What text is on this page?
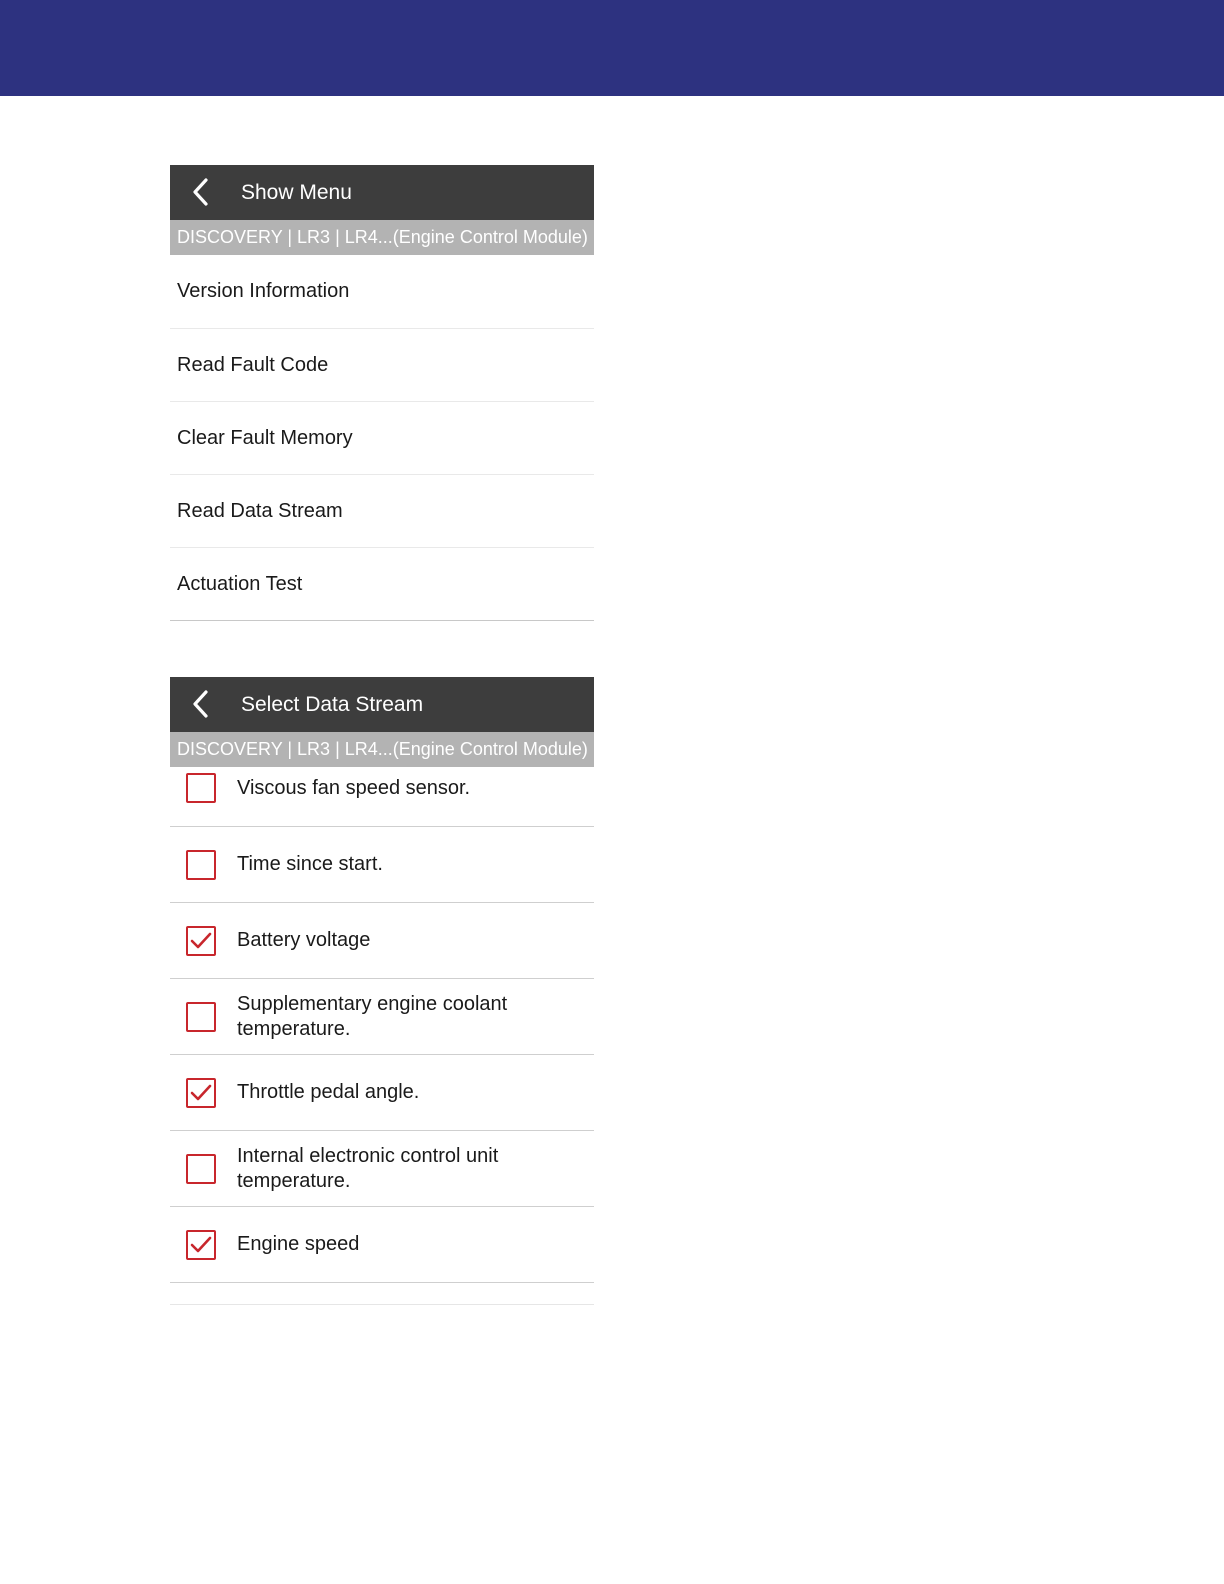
Show Menu
DISCOVERY | LR3 | LR4...(Engine Control Module)
Version Information
Read Fault Code
Clear Fault Memory
Read Data Stream
Actuation Test
Select Data Stream
DISCOVERY | LR3 | LR4...(Engine Control Module)
Viscous fan speed sensor.
Time since start.
Battery voltage
Supplementary engine coolant temperature.
Throttle pedal angle.
Internal electronic control unit temperature.
Engine speed
